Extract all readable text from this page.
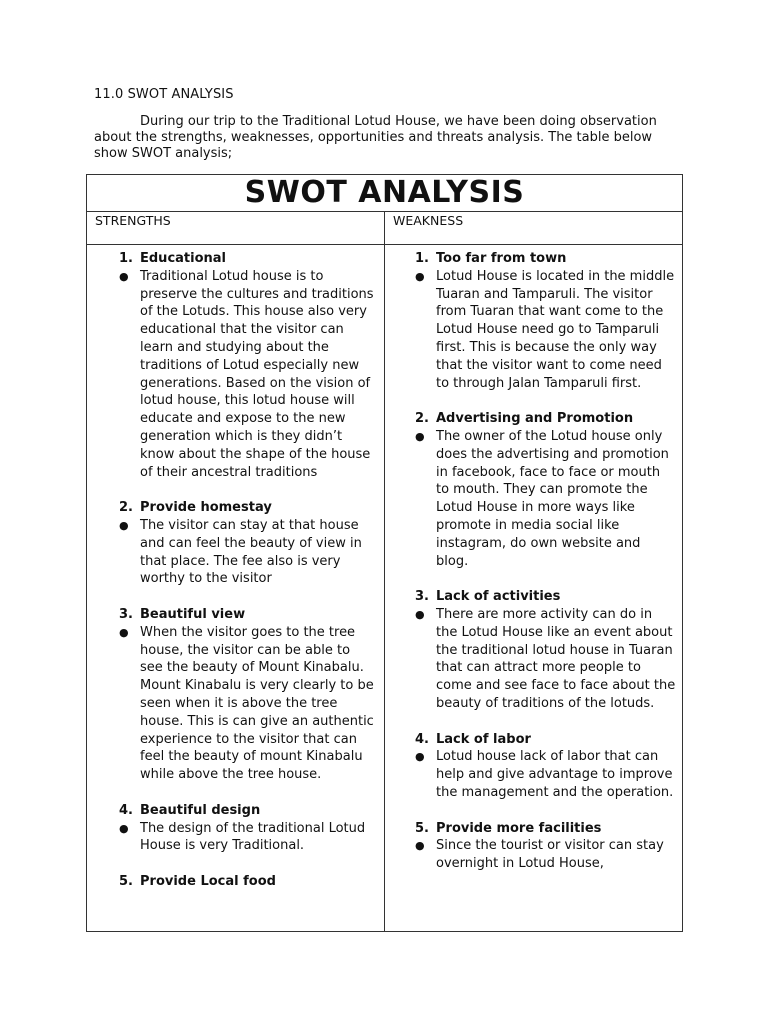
11.0 SWOT ANALYSIS
During our trip to the Traditional Lotud House, we have been doing observation about the strengths, weaknesses, opportunities and threats analysis. The table below show SWOT analysis;
SWOT ANALYSIS
STRENGTHS	WEAKNESS
1. Educational
● Traditional Lotud house is to preserve the cultures and traditions of the Lotuds. This house also very educational that the visitor can learn and studying about the traditions of Lotud especially new generations. Based on the vision of lotud house, this lotud house will educate and expose to the new generation which is they didn’t know about the shape of the house of their ancestral traditions
2. Provide homestay
● The visitor can stay at that house and can feel the beauty of view in that place. The fee also is very worthy to the visitor
3. Beautiful view
● When the visitor goes to the tree house, the visitor can be able to see the beauty of Mount Kinabalu. Mount Kinabalu is very clearly to be seen when it is above the tree house. This is can give an authentic experience to the visitor that can feel the beauty of mount Kinabalu while above the tree house.
4. Beautiful design
● The design of the traditional Lotud House is very Traditional.
5. Provide Local food
1. Too far from town
● Lotud House is located in the middle Tuaran and Tamparuli. The visitor from Tuaran that want come to the Lotud House need go to Tamparuli first. This is because the only way that the visitor want to come need to through Jalan Tamparuli first.
2. Advertising and Promotion
● The owner of the Lotud house only does the advertising and promotion in facebook, face to face or mouth to mouth. They can promote the Lotud House in more ways like promote in media social like instagram, do own website and blog.
3. Lack of activities
● There are more activity can do in the Lotud House like an event about the traditional lotud house in Tuaran that can attract more people to come and see face to face about the beauty of traditions of the lotuds.
4. Lack of labor
● Lotud house lack of labor that can help and give advantage to improve the management and the operation.
5. Provide more facilities
● Since the tourist or visitor can stay overnight in Lotud House,
